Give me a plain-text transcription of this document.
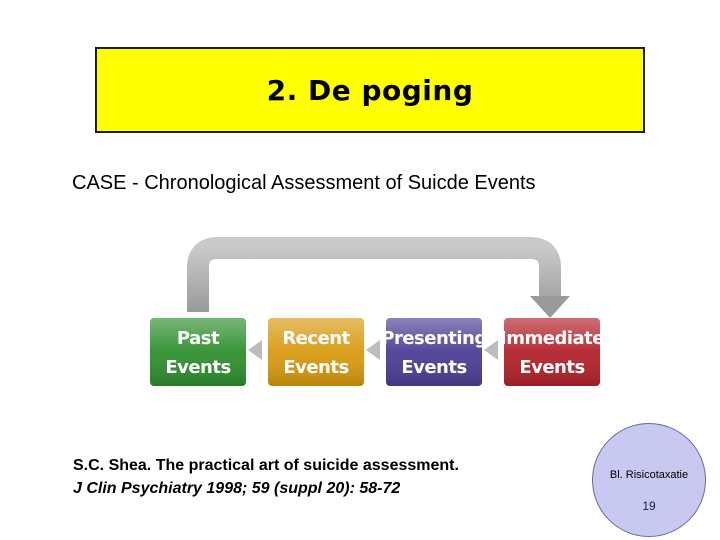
2. De poging
CASE - Chronological Assessment of Suicde Events
Past
Events
Recent
Events
Presenting
Events
Immediate
Events
S.C. Shea. The practical art of suicide assessment.
J Clin Psychiatry 1998; 59 (suppl 20): 58-72
Bl. Risicotaxatie
19
